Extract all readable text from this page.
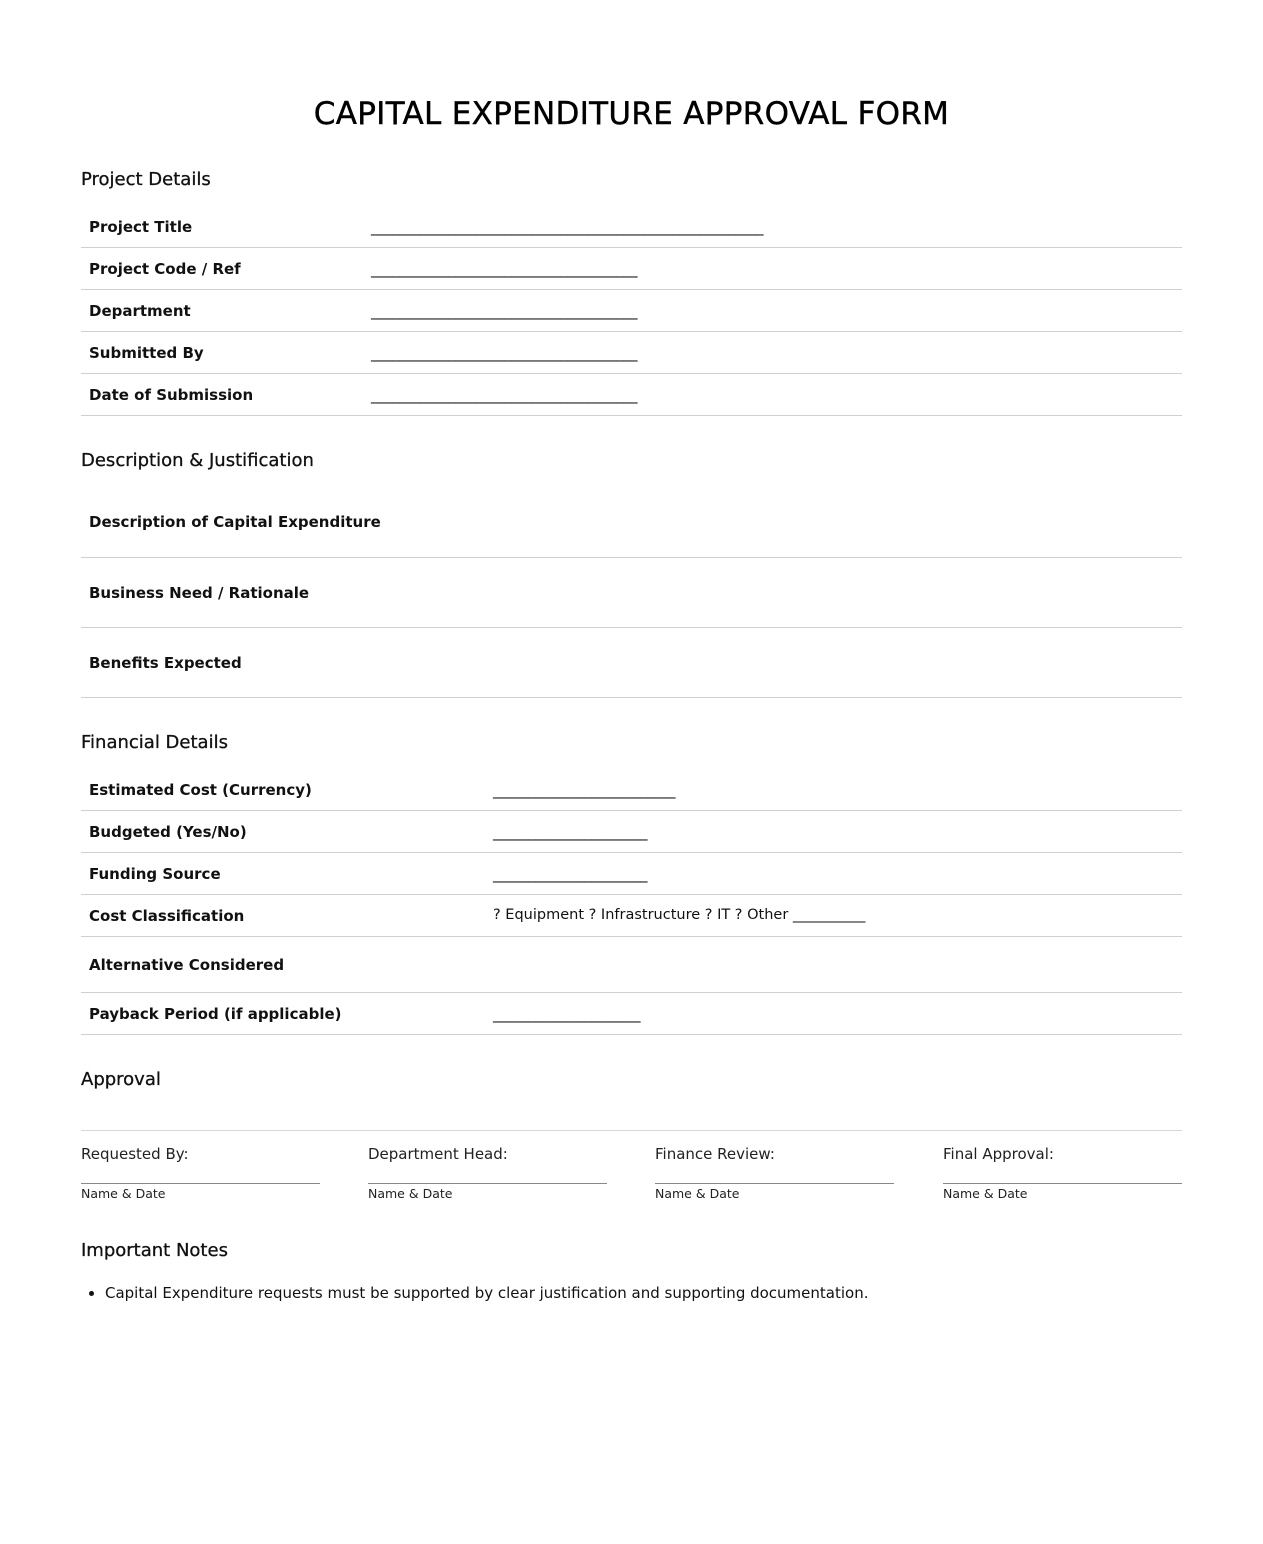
CAPITAL EXPENDITURE APPROVAL FORM
Project Details
Project Title	________________________________________________________
Project Code / Ref	______________________________________
Department	______________________________________
Submitted By	______________________________________
Date of Submission	______________________________________
Description & Justification
Description of Capital Expenditure
Business Need / Rationale
Benefits Expected
Financial Details
Estimated Cost (Currency)	__________________________
Budgeted (Yes/No)	______________________
Funding Source	______________________
Cost Classification	? Equipment ? Infrastructure ? IT ? Other __________
Alternative Considered
Payback Period (if applicable)	_____________________
Approval
Requested By:
Name & Date
Department Head:
Name & Date
Finance Review:
Name & Date
Final Approval:
Name & Date
Important Notes
• Capital Expenditure requests must be supported by clear justification and supporting documentation.
